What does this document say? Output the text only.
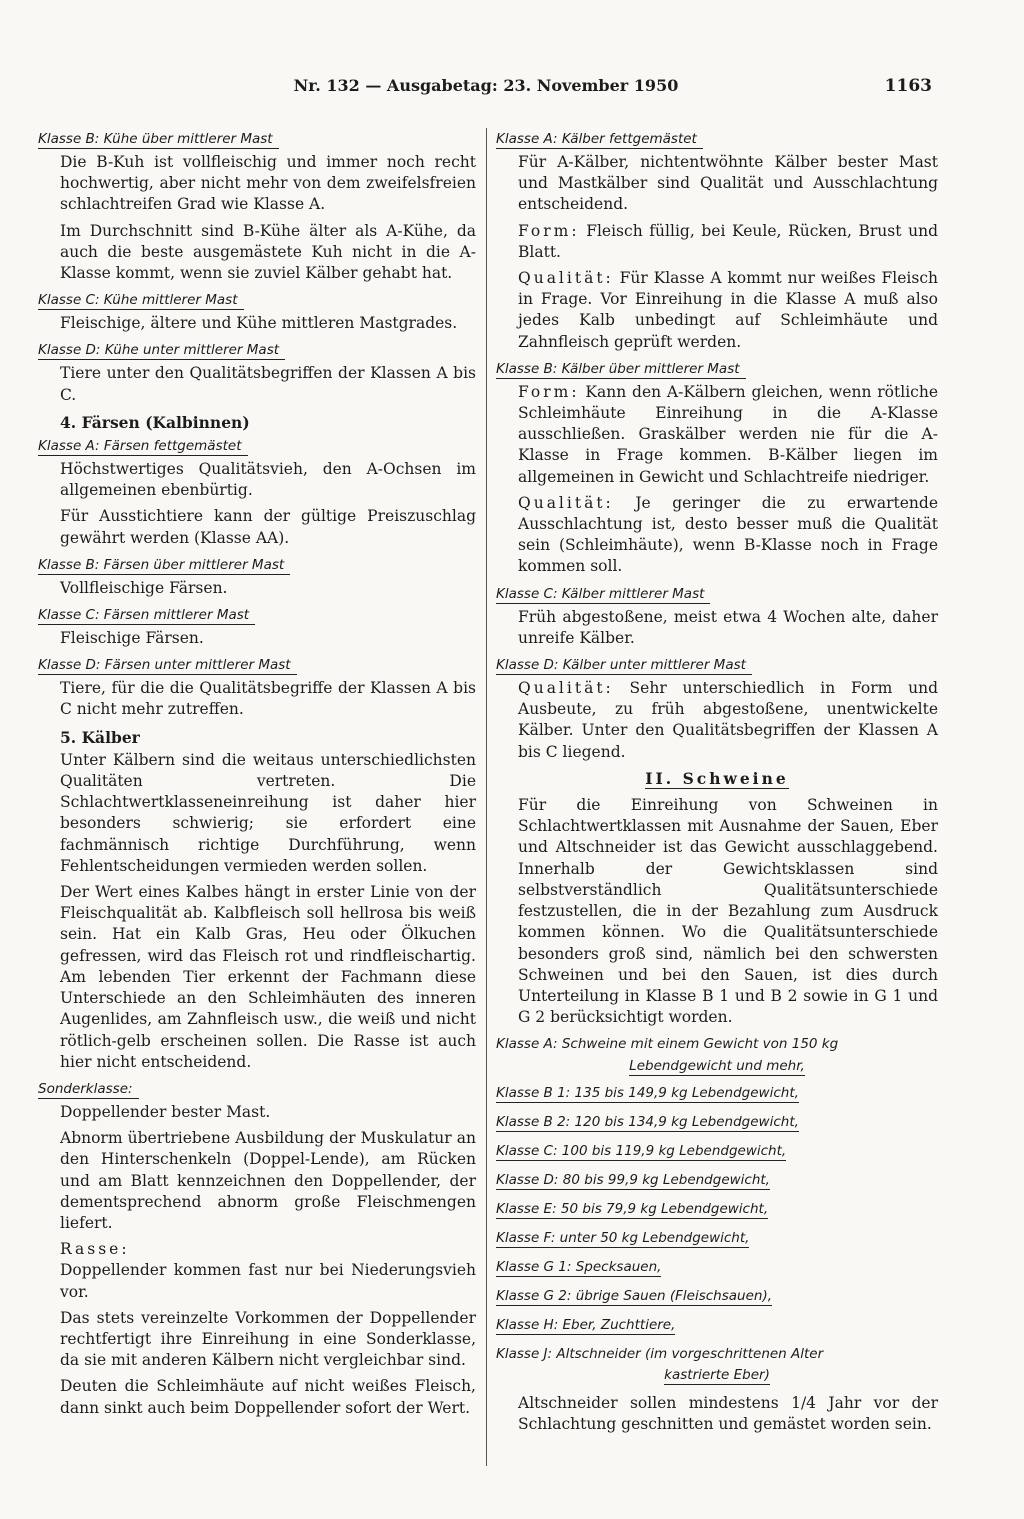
Nr. 132 — Ausgabetag: 23. November 1950	1163
Klasse B: Kühe über mittlerer Mast
Die B-Kuh ist vollfleischig und immer noch recht hochwertig, aber nicht mehr von dem zweifelsfreien schlachtreifen Grad wie Klasse A.
Im Durchschnitt sind B-Kühe älter als A-Kühe, da auch die beste ausgemästete Kuh nicht in die A-Klasse kommt, wenn sie zuviel Kälber gehabt hat.
Klasse C: Kühe mittlerer Mast
Fleischige, ältere und Kühe mittleren Mastgrades.
Klasse D: Kühe unter mittlerer Mast
Tiere unter den Qualitätsbegriffen der Klassen A bis C.
4. Färsen (Kalbinnen)
Klasse A: Färsen fettgemästet
Höchstwertiges Qualitätsvieh, den A-Ochsen im allgemeinen ebenbürtig.
Für Ausstichtiere kann der gültige Preiszuschlag gewährt werden (Klasse AA).
Klasse B: Färsen über mittlerer Mast
Vollfleischige Färsen.
Klasse C: Färsen mittlerer Mast
Fleischige Färsen.
Klasse D: Färsen unter mittlerer Mast
Tiere, für die die Qualitätsbegriffe der Klassen A bis C nicht mehr zutreffen.
5. Kälber
Unter Kälbern sind die weitaus unterschiedlichsten Qualitäten vertreten. Die Schlachtwertklasseneinreihung ist daher hier besonders schwierig; sie erfordert eine fachmännisch richtige Durchführung, wenn Fehlentscheidungen vermieden werden sollen.
Der Wert eines Kalbes hängt in erster Linie von der Fleischqualität ab. Kalbfleisch soll hellrosa bis weiß sein. Hat ein Kalb Gras, Heu oder Ölkuchen gefressen, wird das Fleisch rot und rindfleischartig. Am lebenden Tier erkennt der Fachmann diese Unterschiede an den Schleimhäuten des inneren Augenlides, am Zahnfleisch usw., die weiß und nicht rötlich-gelb erscheinen sollen. Die Rasse ist auch hier nicht entscheidend.
Sonderklasse:
Doppellender bester Mast.
Abnorm übertriebene Ausbildung der Muskulatur an den Hinterschenkeln (Doppel-Lende), am Rücken und am Blatt kennzeichnen den Doppellender, der dementsprechend abnorm große Fleischmengen liefert.
Rasse:
Doppellender kommen fast nur bei Niederungsvieh vor.
Das stets vereinzelte Vorkommen der Doppellender rechtfertigt ihre Einreihung in eine Sonderklasse, da sie mit anderen Kälbern nicht vergleichbar sind.
Deuten die Schleimhäute auf nicht weißes Fleisch, dann sinkt auch beim Doppellender sofort der Wert.
Klasse A: Kälber fettgemästet
Für A-Kälber, nichtentwöhnte Kälber bester Mast und Mastkälber sind Qualität und Ausschlachtung entscheidend.
Form: Fleisch füllig, bei Keule, Rücken, Brust und Blatt.
Qualität: Für Klasse A kommt nur weißes Fleisch in Frage. Vor Einreihung in die Klasse A muß also jedes Kalb unbedingt auf Schleimhäute und Zahnfleisch geprüft werden.
Klasse B: Kälber über mittlerer Mast
Form: Kann den A-Kälbern gleichen, wenn rötliche Schleimhäute Einreihung in die A-Klasse ausschließen. Graskälber werden nie für die A-Klasse in Frage kommen. B-Kälber liegen im allgemeinen in Gewicht und Schlachtreife niedriger.
Qualität: Je geringer die zu erwartende Ausschlachtung ist, desto besser muß die Qualität sein (Schleimhäute), wenn B-Klasse noch in Frage kommen soll.
Klasse C: Kälber mittlerer Mast
Früh abgestoßene, meist etwa 4 Wochen alte, daher unreife Kälber.
Klasse D: Kälber unter mittlerer Mast
Qualität: Sehr unterschiedlich in Form und Ausbeute, zu früh abgestoßene, unentwickelte Kälber. Unter den Qualitätsbegriffen der Klassen A bis C liegend.
II. Schweine
Für die Einreihung von Schweinen in Schlachtwertklassen mit Ausnahme der Sauen, Eber und Altschneider ist das Gewicht ausschlaggebend. Innerhalb der Gewichtsklassen sind selbstverständlich Qualitätsunterschiede festzustellen, die in der Bezahlung zum Ausdruck kommen können. Wo die Qualitätsunterschiede besonders groß sind, nämlich bei den schwersten Schweinen und bei den Sauen, ist dies durch Unterteilung in Klasse B 1 und B 2 sowie in G 1 und G 2 berücksichtigt worden.
Klasse A: Schweine mit einem Gewicht von 150 kg
Lebendgewicht und mehr,
Klasse B 1: 135 bis 149,9 kg Lebendgewicht,
Klasse B 2: 120 bis 134,9 kg Lebendgewicht,
Klasse C: 100 bis 119,9 kg Lebendgewicht,
Klasse D: 80 bis 99,9 kg Lebendgewicht,
Klasse E: 50 bis 79,9 kg Lebendgewicht,
Klasse F: unter 50 kg Lebendgewicht,
Klasse G 1: Specksauen,
Klasse G 2: übrige Sauen (Fleischsauen),
Klasse H: Eber, Zuchttiere,
Klasse J: Altschneider (im vorgeschrittenen Alter
kastrierte Eber)
Altschneider sollen mindestens 1/4 Jahr vor der Schlachtung geschnitten und gemästet worden sein.
